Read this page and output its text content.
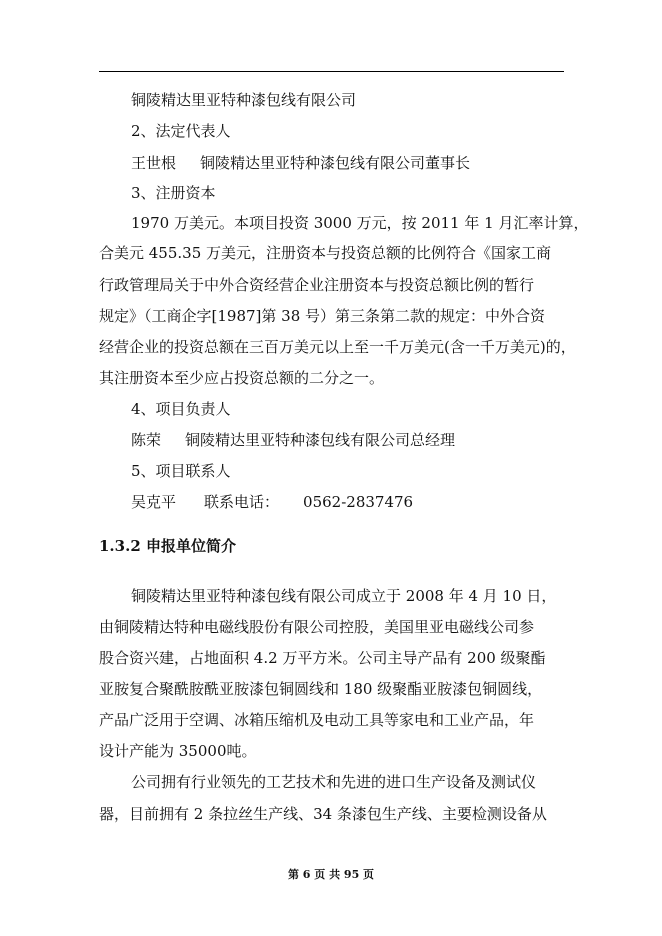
铜陵精达里亚特种漆包线有限公司
2、法定代表人
王世根 铜陵精达里亚特种漆包线有限公司董事长
3、注册资本
1970 万美元。本项目投资 3000 万元，按 2011 年 1 月汇率计算，
合美元 455.35 万美元，注册资本与投资总额的比例符合《国家工商
行政管理局关于中外合资经营企业注册资本与投资总额比例的暂行
规定》（工商企字[1987]第 38 号）第三条第二款的规定：中外合资
经营企业的投资总额在三百万美元以上至一千万美元(含一千万美元)的，
其注册资本至少应占投资总额的二分之一。
4、项目负责人
陈荣 铜陵精达里亚特种漆包线有限公司总经理
5、项目联系人
吴克平 联系电话： 0562-2837476
1.3.2 申报单位简介
铜陵精达里亚特种漆包线有限公司成立于 2008 年 4 月 10 日，
由铜陵精达特种电磁线股份有限公司控股，美国里亚电磁线公司参
股合资兴建，占地面积 4.2 万平方米。公司主导产品有 200 级聚酯
亚胺复合聚酰胺酰亚胺漆包铜圆线和 180 级聚酯亚胺漆包铜圆线，
产品广泛用于空调、冰箱压缩机及电动工具等家电和工业产品，年
设计产能为 35000吨。
公司拥有行业领先的工艺技术和先进的进口生产设备及测试仪
器，目前拥有 2 条拉丝生产线、34 条漆包生产线、主要检测设备从
第 6 页 共 95 页
